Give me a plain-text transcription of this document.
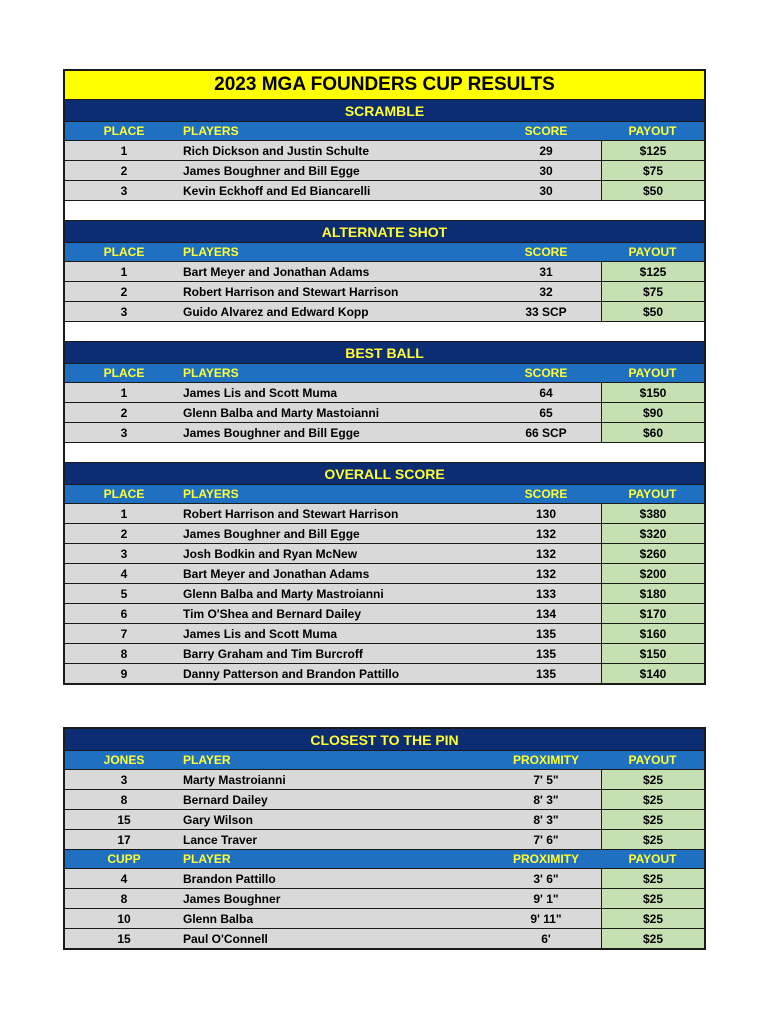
2023 MGA FOUNDERS CUP RESULTS
SCRAMBLE
PLACE	PLAYERS	SCORE	PAYOUT
1	Rich Dickson and Justin Schulte	29	$125
2	James Boughner and Bill Egge	30	$75
3	Kevin Eckhoff and Ed Biancarelli	30	$50
ALTERNATE SHOT
PLACE	PLAYERS	SCORE	PAYOUT
1	Bart Meyer and Jonathan Adams	31	$125
2	Robert Harrison and Stewart Harrison	32	$75
3	Guido Alvarez and Edward Kopp	33 SCP	$50
BEST BALL
PLACE	PLAYERS	SCORE	PAYOUT
1	James Lis and Scott Muma	64	$150
2	Glenn Balba and Marty Mastoianni	65	$90
3	James Boughner and Bill Egge	66 SCP	$60
OVERALL SCORE
PLACE	PLAYERS	SCORE	PAYOUT
1	Robert Harrison and Stewart Harrison	130	$380
2	James Boughner and Bill Egge	132	$320
3	Josh Bodkin and Ryan McNew	132	$260
4	Bart Meyer and Jonathan Adams	132	$200
5	Glenn Balba and Marty Mastroianni	133	$180
6	Tim O'Shea and Bernard Dailey	134	$170
7	James Lis and Scott Muma	135	$160
8	Barry Graham and Tim Burcroff	135	$150
9	Danny Patterson and Brandon Pattillo	135	$140
CLOSEST TO THE PIN
JONES	PLAYER	PROXIMITY	PAYOUT
3	Marty Mastroianni	7' 5"	$25
8	Bernard Dailey	8' 3"	$25
15	Gary Wilson	8' 3"	$25
17	Lance Traver	7' 6"	$25
CUPP	PLAYER	PROXIMITY	PAYOUT
4	Brandon Pattillo	3' 6"	$25
8	James Boughner	9' 1"	$25
10	Glenn Balba	9' 11"	$25
15	Paul O'Connell	6'	$25
